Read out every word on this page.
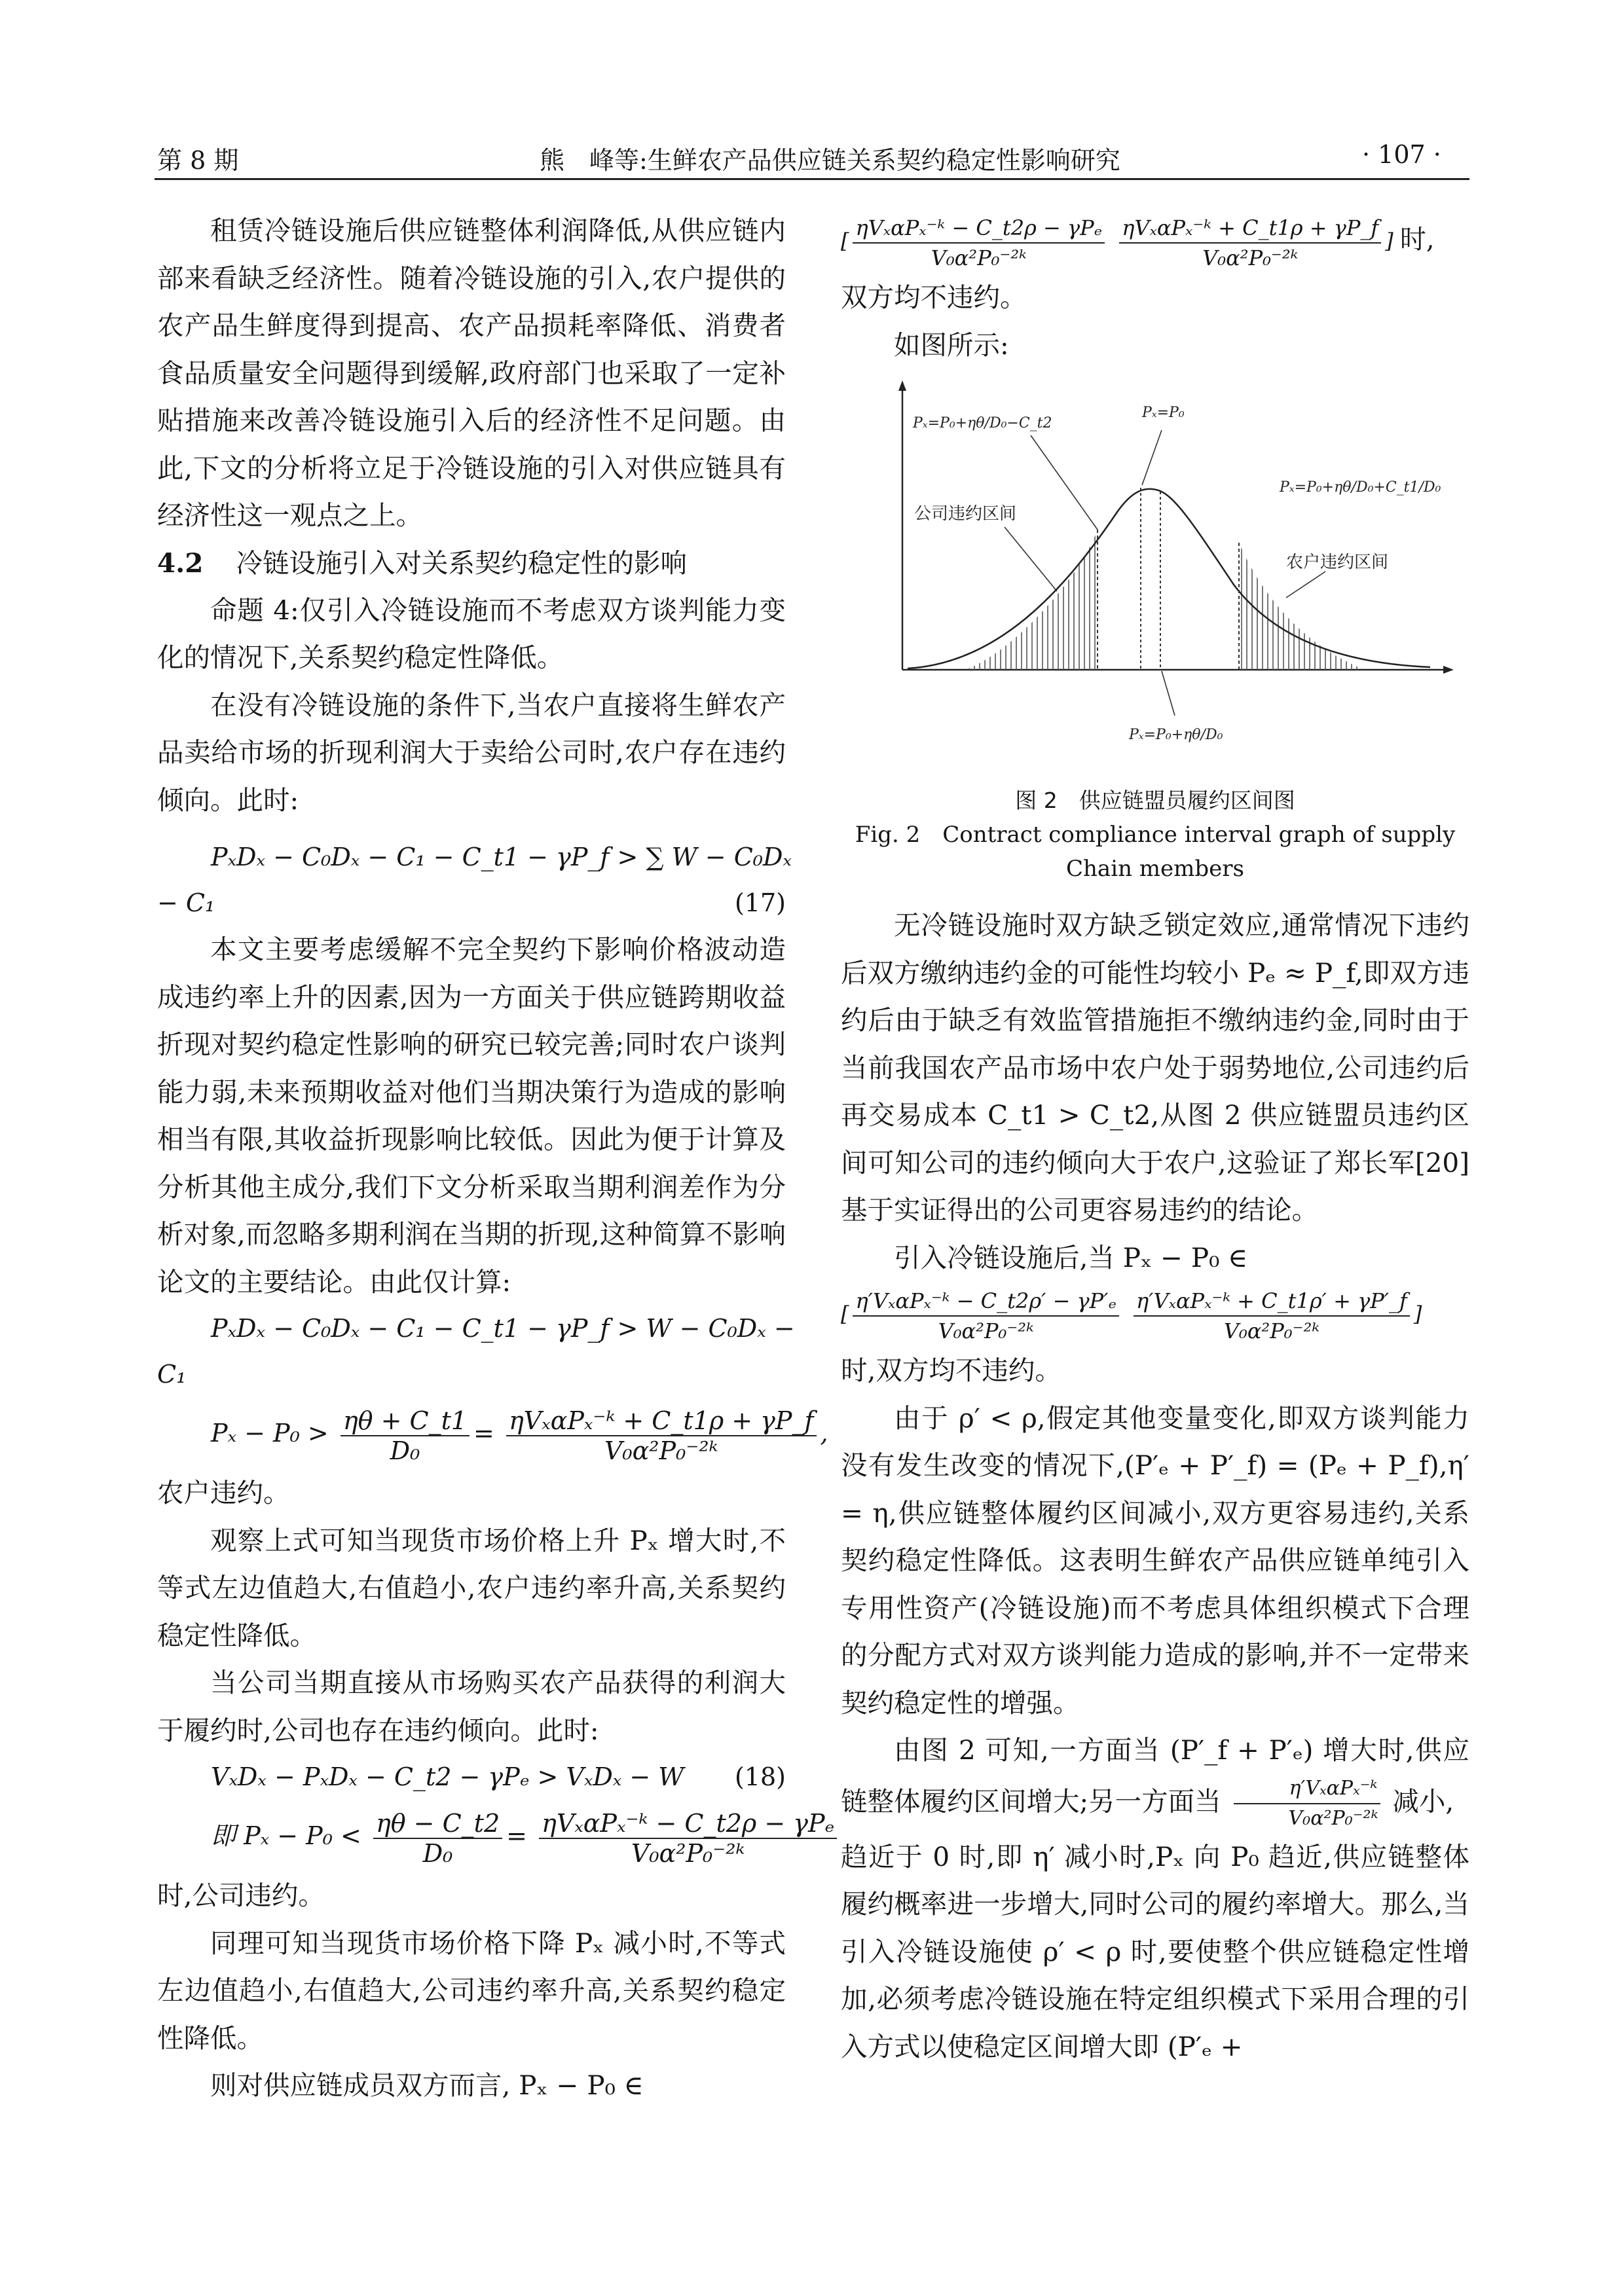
第 8 期	熊　峰等:生鲜农产品供应链关系契约稳定性影响研究	· 107 ·

租赁冷链设施后供应链整体利润降低,从供应链内部来看缺乏经济性。随着冷链设施的引入,农户提供的农产品生鲜度得到提高、农产品损耗率降低、消费者食品质量安全问题得到缓解,政府部门也采取了一定补贴措施来改善冷链设施引入后的经济性不足问题。由此,下文的分析将立足于冷链设施的引入对供应链具有经济性这一观点之上。

4.2 冷链设施引入对关系契约稳定性的影响

命题 4:仅引入冷链设施而不考虑双方谈判能力变化的情况下,关系契约稳定性降低。

在没有冷链设施的条件下,当农户直接将生鲜农产品卖给市场的折现利润大于卖给公司时,农户存在违约倾向。此时:

PₓDₓ − C₀Dₓ − C₁ − C_t1 − γP_f > ∑ W − C₀Dₓ
− C₁	(17)

本文主要考虑缓解不完全契约下影响价格波动造成违约率上升的因素,因为一方面关于供应链跨期收益折现对契约稳定性影响的研究已较完善;同时农户谈判能力弱,未来预期收益对他们当期决策行为造成的影响相当有限,其收益折现影响比较低。因此为便于计算及分析其他主成分,我们下文分析采取当期利润差作为分析对象,而忽略多期利润在当期的折现,这种简算不影响论文的主要结论。由此仅计算:

PₓDₓ − C₀Dₓ − C₁ − C_t1 − γP_f > W − C₀Dₓ −
C₁
$P_x - P_0 > \frac{\eta\theta + C\_t1}{\text{D₀}} = \frac{\text{ηVₓαPₓ⁻ᵏ + C\_t1ρ + γP\_f}}{\text{V₀α²P₀⁻²ᵏ}}$ ,

农户违约。

观察上式可知当现货市场价格上升 Pₓ 增大时,不等式左边值趋大,右值趋小,农户违约率升高,关系契约稳定性降低。

当公司当期直接从市场购买农产品获得的利润大于履约时,公司也存在违约倾向。此时:

VₓDₓ − PₓDₓ − C_t2 − γPₑ > VₓDₓ − W (18)
即 $P_x - P_0 < \frac{\eta\theta - C\_t2}{\text{D₀}} = \frac{\text{ηVₓαPₓ⁻ᵏ − C\_t2ρ − γPₑ}}{\text{V₀α²P₀⁻²ᵏ}}$

时,公司违约。

同理可知当现货市场价格下降 Pₓ 减小时,不等式左边值趋小,右值趋大,公司违约率升高,关系契约稳定性降低。

则对供应链成员双方而言, Pₓ − P₀ ∈

[ $\frac{\text{ηVₓαPₓ⁻ᵏ − C\_t2ρ − γPₑ}}{\text{V₀α²P₀⁻²ᵏ}}$
$\frac{\text{ηVₓαPₓ⁻ᵏ + C\_t1ρ + γP\_f}}{\text{V₀α²P₀⁻²ᵏ}}$ ] 时,

双方均不违约。

如图所示:

Pₓ=P₀+ηθ/D₀−C_t2
Pₓ=P₀
Pₓ=P₀+ηθ/D₀+C_t1/D₀
公司违约区间
农户违约区间
Pₓ=P₀+ηθ/D₀
图 2　供应链盟员履约区间图
Fig. 2　Contract compliance interval graph of supply
Chain members

无冷链设施时双方缺乏锁定效应,通常情况下违约后双方缴纳违约金的可能性均较小 Pₑ ≈ P_f,即双方违约后由于缺乏有效监管措施拒不缴纳违约金,同时由于当前我国农产品市场中农户处于弱势地位,公司违约后再交易成本 C_t1 > C_t2,从图 2 供应链盟员违约区间可知公司的违约倾向大于农户,这验证了郑长军[20]基于实证得出的公司更容易违约的结论。

引入冷链设施后,当 Pₓ − P₀ ∈

[ $\frac{\text{η′VₓαPₓ⁻ᵏ − C\_t2ρ′ − γP′ₑ}}{\text{V₀α²P₀⁻²ᵏ}}$
$\frac{\text{η′VₓαPₓ⁻ᵏ + C\_t1ρ′ + γP′\_f}}{\text{V₀α²P₀⁻²ᵏ}}$ ]

时,双方均不违约。

由于 ρ′ < ρ,假定其他变量变化,即双方谈判能力没有发生改变的情况下,(P′ₑ + P′_f) = (Pₑ + P_f),η′ = η,供应链整体履约区间减小,双方更容易违约,关系契约稳定性降低。这表明生鲜农产品供应链单纯引入专用性资产(冷链设施)而不考虑具体组织模式下合理的分配方式对双方谈判能力造成的影响,并不一定带来契约稳定性的增强。

由图 2 可知,一方面当 (P′_f + P′ₑ) 增大时,供应链整体履约区间增大;另一方面当 $\frac{\text{η′VₓαPₓ⁻ᵏ}}{\text{V₀α²P₀⁻²ᵏ}}$ 减小,

趋近于 0 时,即 η′ 减小时,Pₓ 向 P₀ 趋近,供应链整体履约概率进一步增大,同时公司的履约率增大。那么,当引入冷链设施使 ρ′ < ρ 时,要使整个供应链稳定性增加,必须考虑冷链设施在特定组织模式下采用合理的引入方式以使稳定区间增大即 (P′ₑ +
